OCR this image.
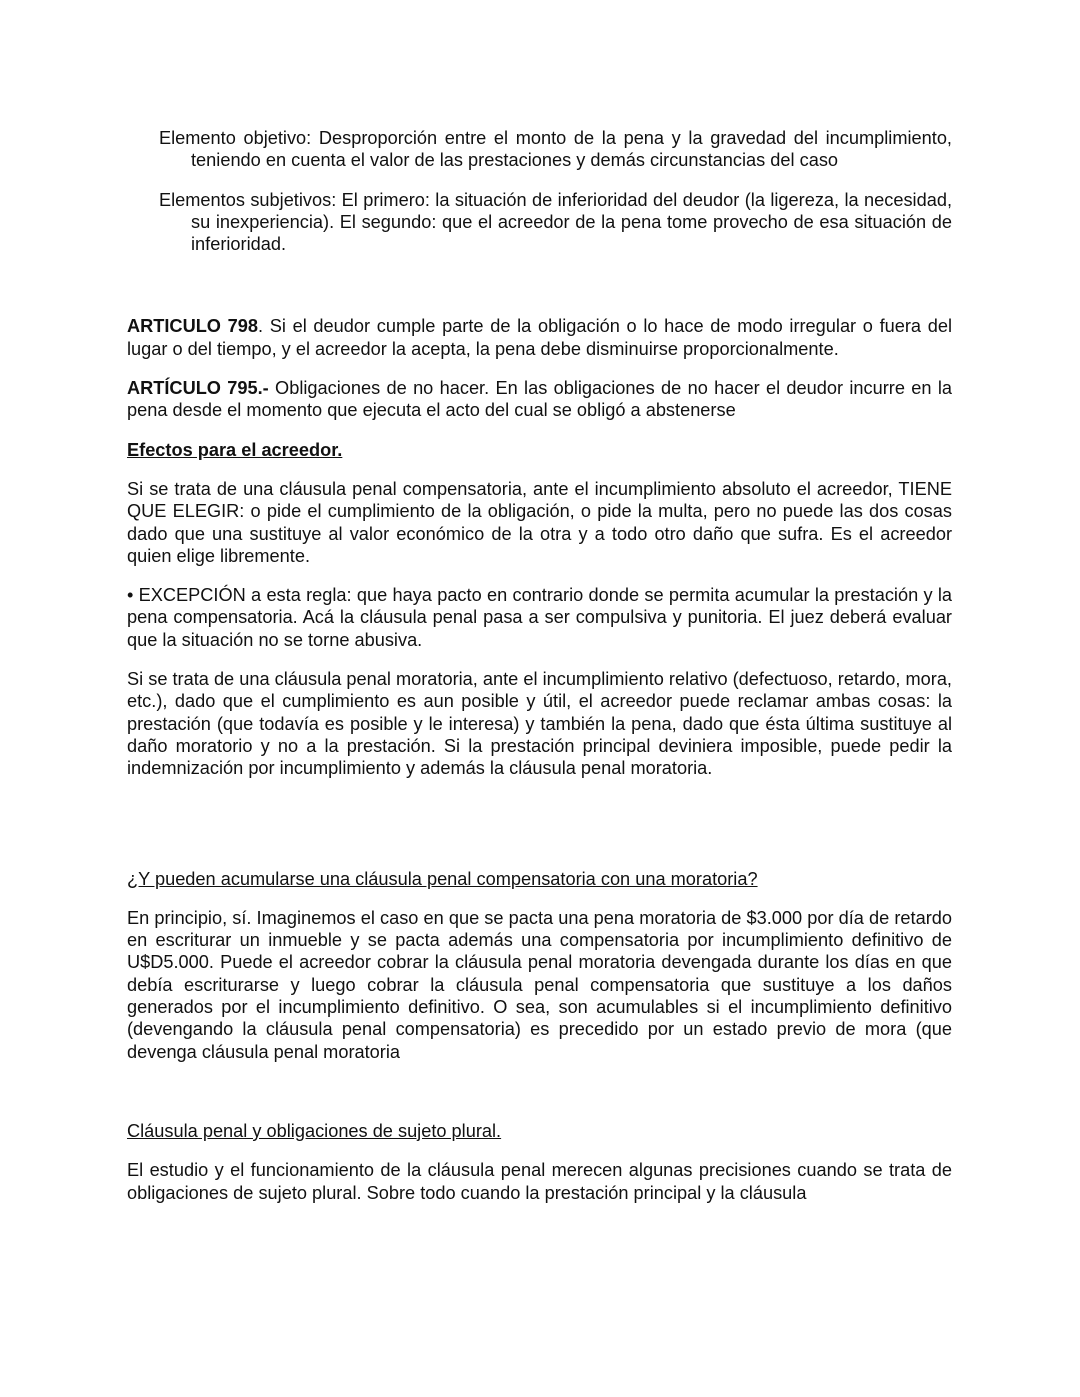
Elemento objetivo: Desproporción entre el monto de la pena y la gravedad del incumplimiento, teniendo en cuenta el valor de las prestaciones y demás circunstancias del caso

Elementos subjetivos: El primero: la situación de inferioridad del deudor (la ligereza, la necesidad, su inexperiencia). El segundo: que el acreedor de la pena tome provecho de esa situación de inferioridad.

ARTICULO 798. Si el deudor cumple parte de la obligación o lo hace de modo irregular o fuera del lugar o del tiempo, y el acreedor la acepta, la pena debe disminuirse proporcionalmente.

ARTÍCULO 795.- Obligaciones de no hacer. En las obligaciones de no hacer el deudor incurre en la pena desde el momento que ejecuta el acto del cual se obligó a abstenerse

Efectos para el acreedor.

Si se trata de una cláusula penal compensatoria, ante el incumplimiento absoluto el acreedor, TIENE QUE ELEGIR: o pide el cumplimiento de la obligación, o pide la multa, pero no puede las dos cosas dado que una sustituye al valor económico de la otra y a todo otro daño que sufra. Es el acreedor quien elige libremente.

• EXCEPCIÓN a esta regla: que haya pacto en contrario donde se permita acumular la prestación y la pena compensatoria. Acá la cláusula penal pasa a ser compulsiva y punitoria. El juez deberá evaluar que la situación no se torne abusiva.

Si se trata de una cláusula penal moratoria, ante el incumplimiento relativo (defectuoso, retardo, mora, etc.), dado que el cumplimiento es aun posible y útil, el acreedor puede reclamar ambas cosas: la prestación (que todavía es posible y le interesa) y también la pena, dado que ésta última sustituye al daño moratorio y no a la prestación. Si la prestación principal deviniera imposible, puede pedir la indemnización por incumplimiento y además la cláusula penal moratoria.

¿Y pueden acumularse una cláusula penal compensatoria con una moratoria?

En principio, sí. Imaginemos el caso en que se pacta una pena moratoria de $3.000 por día de retardo en escriturar un inmueble y se pacta además una compensatoria por incumplimiento definitivo de U$D5.000. Puede el acreedor cobrar la cláusula penal moratoria devengada durante los días en que debía escriturarse y luego cobrar la cláusula penal compensatoria que sustituye a los daños generados por el incumplimiento definitivo. O sea, son acumulables si el incumplimiento definitivo (devengando la cláusula penal compensatoria) es precedido por un estado previo de mora (que devenga cláusula penal moratoria

Cláusula penal y obligaciones de sujeto plural.

El estudio y el funcionamiento de la cláusula penal merecen algunas precisiones cuando se trata de obligaciones de sujeto plural. Sobre todo cuando la prestación principal y la cláusula
